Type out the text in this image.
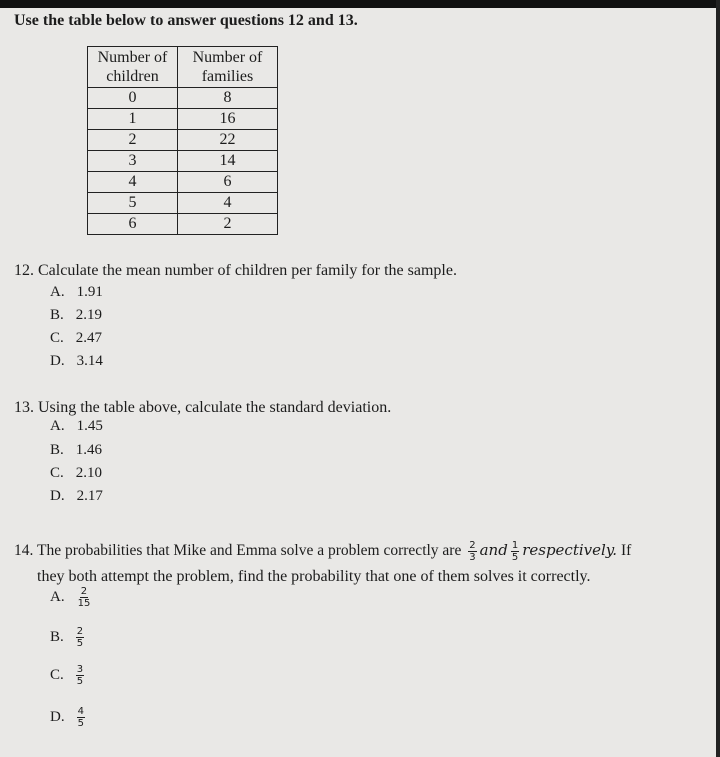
Use the table below to answer questions 12 and 13.
Number of children	Number of families
0	8
1	16
2	22
3	14
4	6
5	4
6	2
12. Calculate the mean number of children per family for the sample.
A. 1.91
B. 2.19
C. 2.47
D. 3.14
13. Using the table above, calculate the standard deviation.
A. 1.45
B. 1.46
C. 2.10
D. 2.17
14. The probabilities that Mike and Emma solve a problem correctly are $\frac{2}{3}$ and $\frac{1}{5}$ respectively. If
they both attempt the problem, find the probability that one of them solves it correctly.
A. $\frac{2}{15}$
B. $\frac{2}{5}$
C. $\frac{3}{5}$
D. $\frac{4}{5}$
